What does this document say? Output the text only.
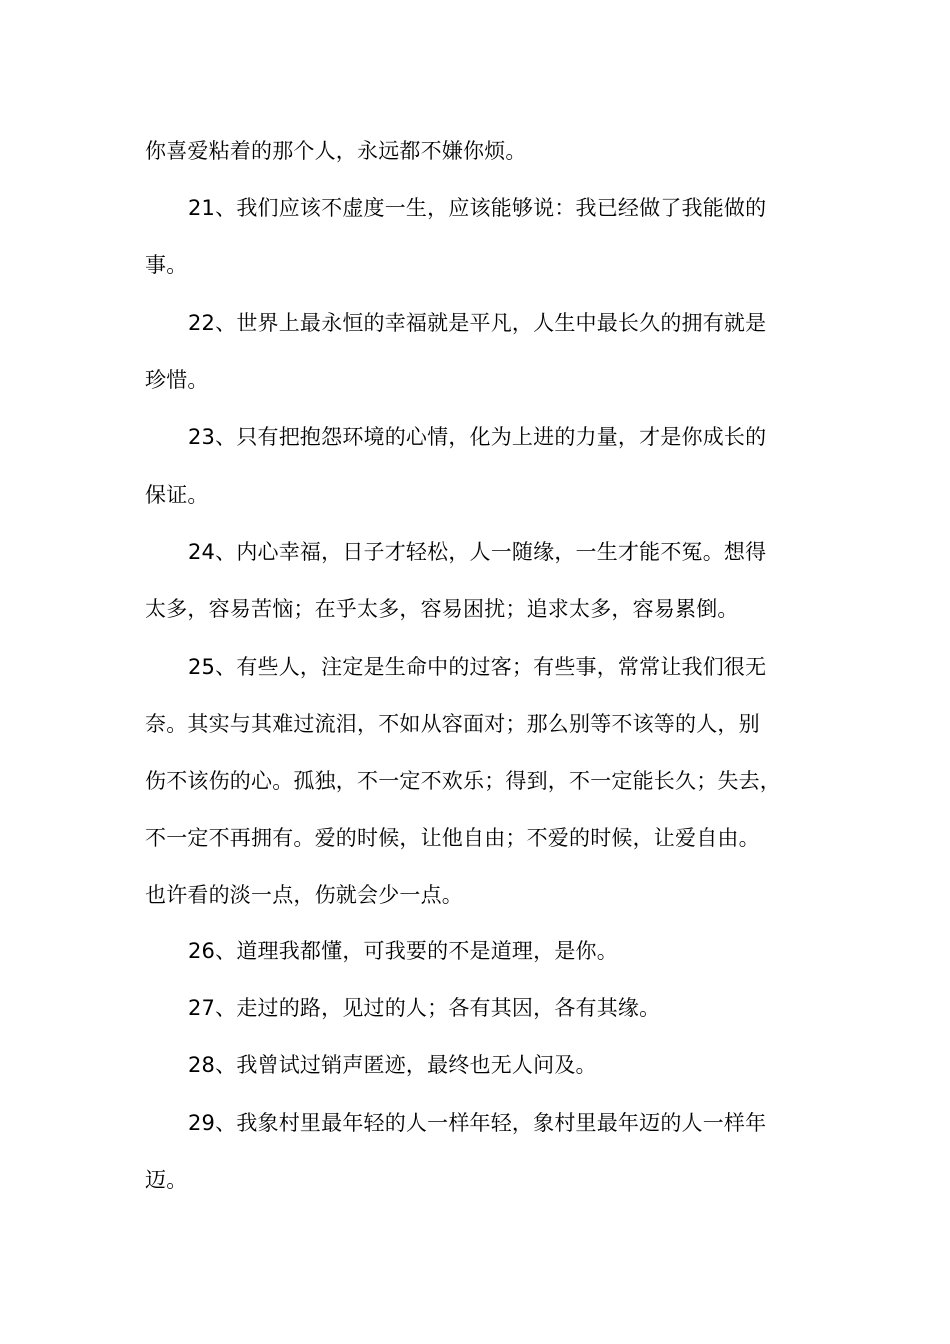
你喜爱粘着的那个人，永远都不嫌你烦。
21、我们应该不虚度一生，应该能够说：我已经做了我能做的
事。
22、世界上最永恒的幸福就是平凡，人生中最长久的拥有就是
珍惜。
23、只有把抱怨环境的心情，化为上进的力量，才是你成长的
保证。
24、内心幸福，日子才轻松，人一随缘，一生才能不冤。想得
太多，容易苦恼；在乎太多，容易困扰；追求太多，容易累倒。
25、有些人，注定是生命中的过客；有些事，常常让我们很无
奈。其实与其难过流泪，不如从容面对；那么别等不该等的人，别
伤不该伤的心。孤独，不一定不欢乐；得到，不一定能长久；失去，
不一定不再拥有。爱的时候，让他自由；不爱的时候，让爱自由。
也许看的淡一点，伤就会少一点。
26、道理我都懂，可我要的不是道理，是你。
27、走过的路，见过的人；各有其因，各有其缘。
28、我曾试过销声匿迹，最终也无人问及。
29、我象村里最年轻的人一样年轻，象村里最年迈的人一样年
迈。
